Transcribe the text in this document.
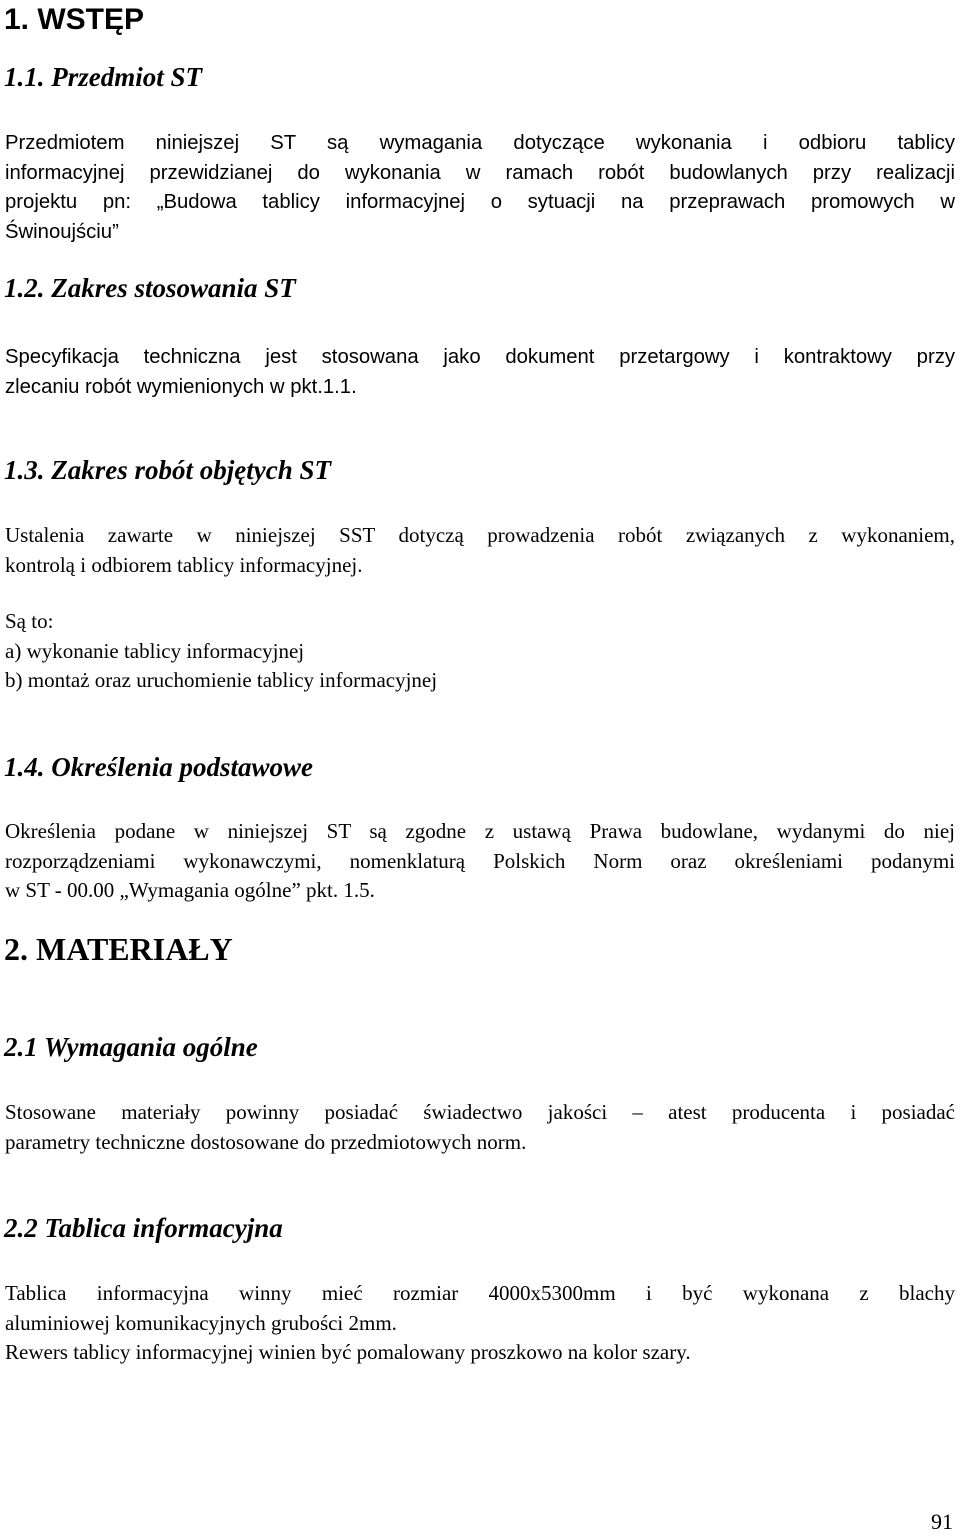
1. WSTĘP
1.1. Przedmiot ST
Przedmiotem niniejszej ST są wymagania dotyczące wykonania i odbioru tablicy
informacyjnej przewidzianej do wykonania w ramach robót budowlanych przy realizacji
projektu pn: „Budowa tablicy informacyjnej o sytuacji na przeprawach promowych w
Świnoujściu”
1.2. Zakres stosowania ST
Specyfikacja techniczna jest stosowana jako dokument przetargowy i kontraktowy przy
zlecaniu robót wymienionych w pkt.1.1.
1.3. Zakres robót objętych ST
Ustalenia zawarte w niniejszej SST dotyczą prowadzenia robót związanych z wykonaniem,
kontrolą i odbiorem tablicy informacyjnej.

Są to:

a) wykonanie tablicy informacyjnej

b) montaż oraz uruchomienie tablicy informacyjnej

1.4. Określenia podstawowe
Określenia podane w niniejszej ST są zgodne z ustawą Prawa budowlane, wydanymi do niej
rozporządzeniami wykonawczymi, nomenklaturą Polskich Norm oraz określeniami podanymi
w ST - 00.00 „Wymagania ogólne” pkt. 1.5.
2. MATERIAŁY
2.1 Wymagania ogólne
Stosowane materiały powinny posiadać świadectwo jakości – atest producenta i posiadać
parametry techniczne dostosowane do przedmiotowych norm.
2.2 Tablica informacyjna
Tablica informacyjna winny mieć rozmiar 4000x5300mm i być wykonana z blachy
aluminiowej komunikacyjnych grubości 2mm.

Rewers tablicy informacyjnej winien być pomalowany proszkowo na kolor szary.

91
